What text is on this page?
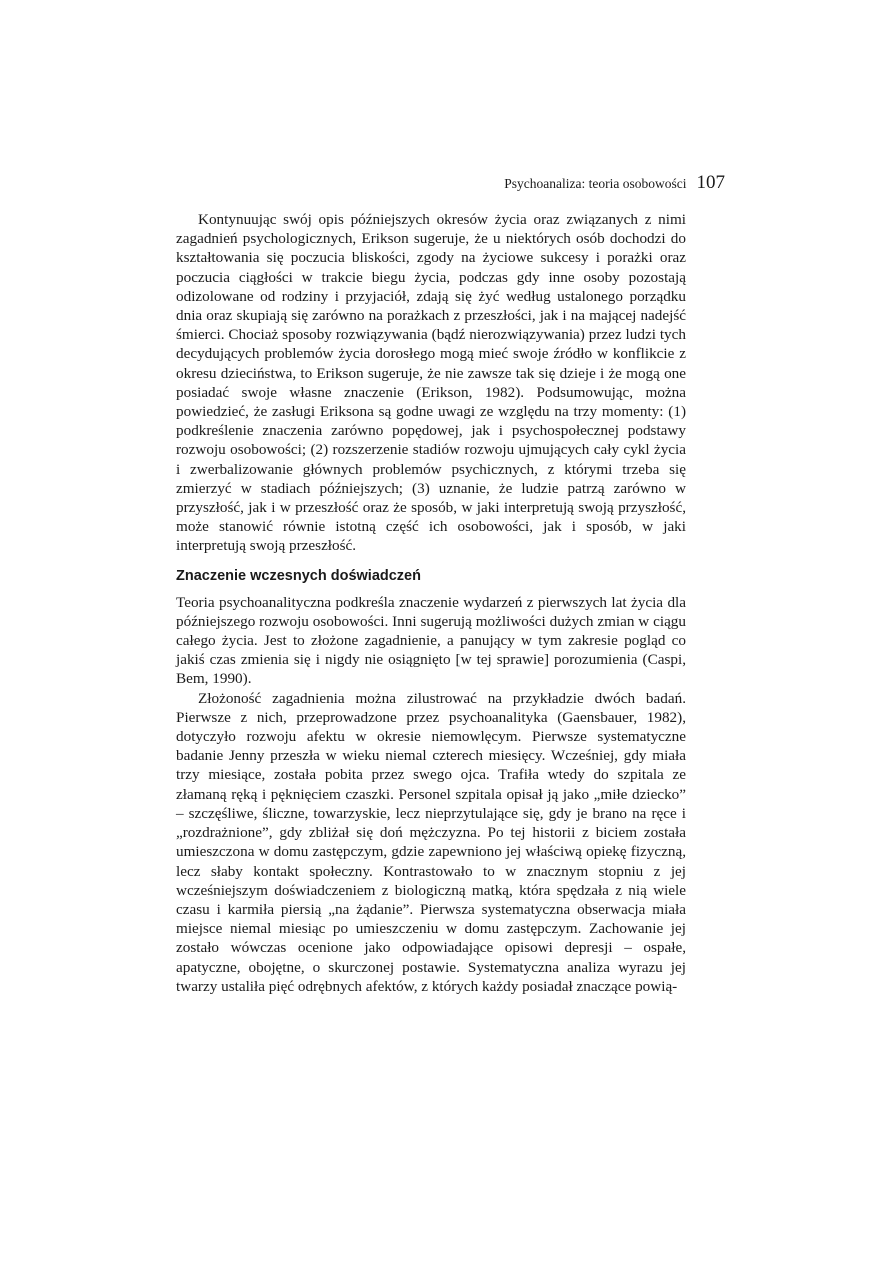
Psychoanaliza: teoria osobowości 107

Kontynuując swój opis późniejszych okresów życia oraz związanych z nimi zagadnień psychologicznych, Erikson sugeruje, że u niektórych osób dochodzi do kształtowania się poczucia bliskości, zgody na życiowe sukcesy i porażki oraz poczucia ciągłości w trakcie biegu życia, podczas gdy inne osoby pozostają odizolowane od rodziny i przyjaciół, zdają się żyć według ustalonego porządku dnia oraz skupiają się zarówno na porażkach z przeszłości, jak i na mającej nadejść śmierci. Chociaż sposoby rozwiązywania (bądź nierozwiązywania) przez ludzi tych decydujących problemów życia dorosłego mogą mieć swoje źródło w konflikcie z okresu dzieciństwa, to Erikson sugeruje, że nie zawsze tak się dzieje i że mogą one posiadać swoje własne znaczenie (Erikson, 1982). Podsumowując, można powiedzieć, że zasługi Eriksona są godne uwagi ze względu na trzy momenty: (1) podkreślenie znaczenia zarówno popędowej, jak i psychospołecznej podstawy rozwoju osobowości; (2) rozszerzenie stadiów rozwoju ujmujących cały cykl życia i zwerbalizowanie głównych problemów psychicznych, z którymi trzeba się zmierzyć w stadiach późniejszych; (3) uznanie, że ludzie patrzą zarówno w przyszłość, jak i w przeszłość oraz że sposób, w jaki interpretują swoją przyszłość, może stanowić równie istotną część ich osobowości, jak i sposób, w jaki interpretują swoją przeszłość.

Znaczenie wczesnych doświadczeń

Teoria psychoanalityczna podkreśla znaczenie wydarzeń z pierwszych lat życia dla późniejszego rozwoju osobowości. Inni sugerują możliwości dużych zmian w ciągu całego życia. Jest to złożone zagadnienie, a panujący w tym zakresie pogląd co jakiś czas zmienia się i nigdy nie osiągnięto [w tej sprawie] porozumienia (Caspi, Bem, 1990).

Złożoność zagadnienia można zilustrować na przykładzie dwóch badań. Pierwsze z nich, przeprowadzone przez psychoanalityka (Gaensbauer, 1982), dotyczyło rozwoju afektu w okresie niemowlęcym. Pierwsze systematyczne badanie Jenny przeszła w wieku niemal czterech miesięcy. Wcześniej, gdy miała trzy miesiące, została pobita przez swego ojca. Trafiła wtedy do szpitala ze złamaną ręką i pęknięciem czaszki. Personel szpitala opisał ją jako „miłe dziecko” – szczęśliwe, śliczne, towarzyskie, lecz nieprzytulające się, gdy je brano na ręce i „rozdrażnione”, gdy zbliżał się doń mężczyzna. Po tej historii z biciem została umieszczona w domu zastępczym, gdzie zapewniono jej właściwą opiekę fizyczną, lecz słaby kontakt społeczny. Kontrastowało to w znacznym stopniu z jej wcześniejszym doświadczeniem z biologiczną matką, która spędzała z nią wiele czasu i karmiła piersią „na żądanie”. Pierwsza systematyczna obserwacja miała miejsce niemal miesiąc po umieszczeniu w domu zastępczym. Zachowanie jej zostało wówczas ocenione jako odpowiadające opisowi depresji – ospałe, apatyczne, obojętne, o skurczonej postawie. Systematyczna analiza wyrazu jej twarzy ustaliła pięć odrębnych afektów, z których każdy posiadał znaczące powią-
